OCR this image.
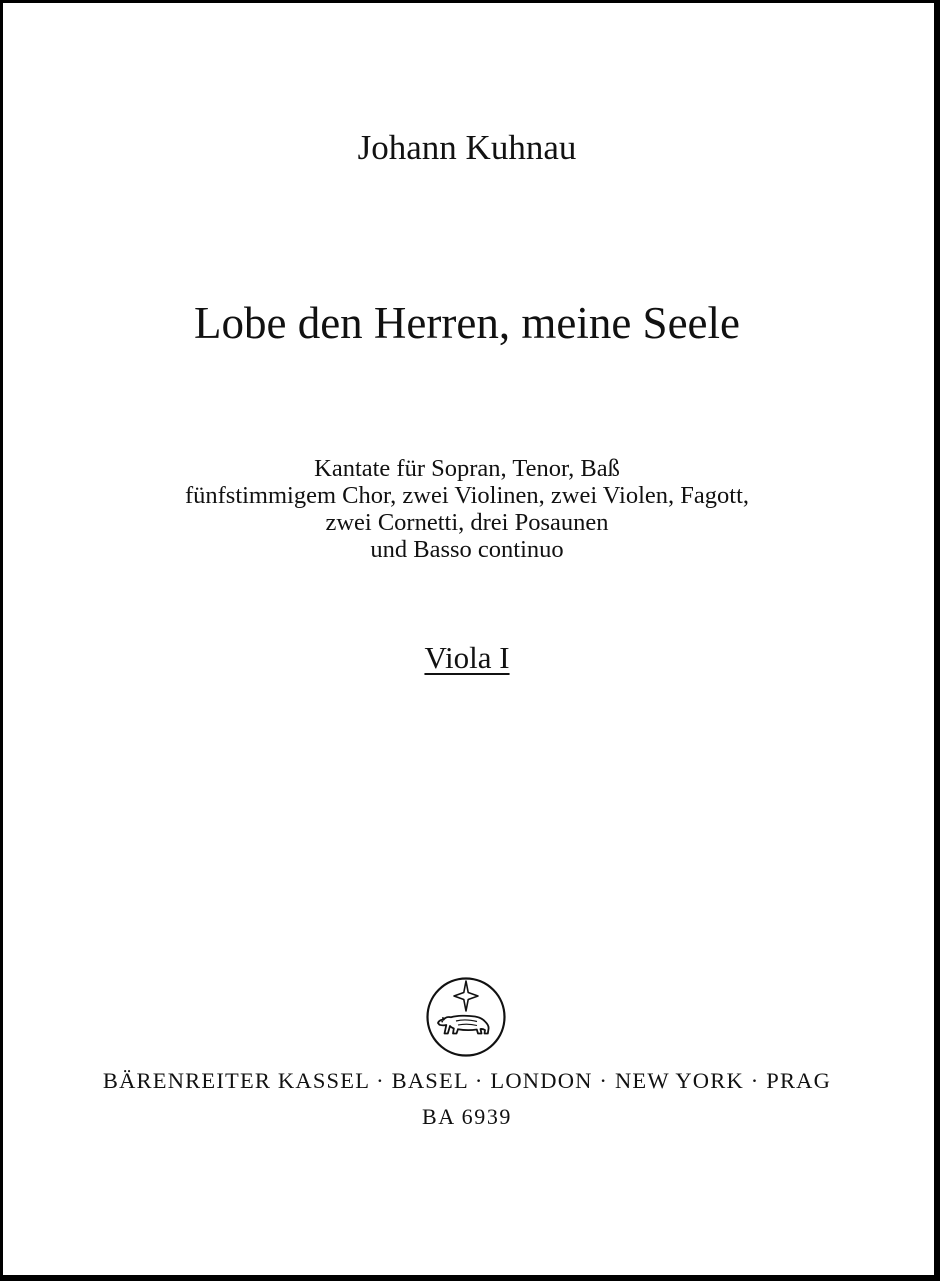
Johann Kuhnau
Lobe den Herren, meine Seele
Kantate für Sopran, Tenor, Baß
fünfstimmigem Chor, zwei Violinen, zwei Violen, Fagott,
zwei Cornetti, drei Posaunen
und Basso continuo
Viola I
BÄRENREITER KASSEL · BASEL · LONDON · NEW YORK · PRAG
BA 6939
